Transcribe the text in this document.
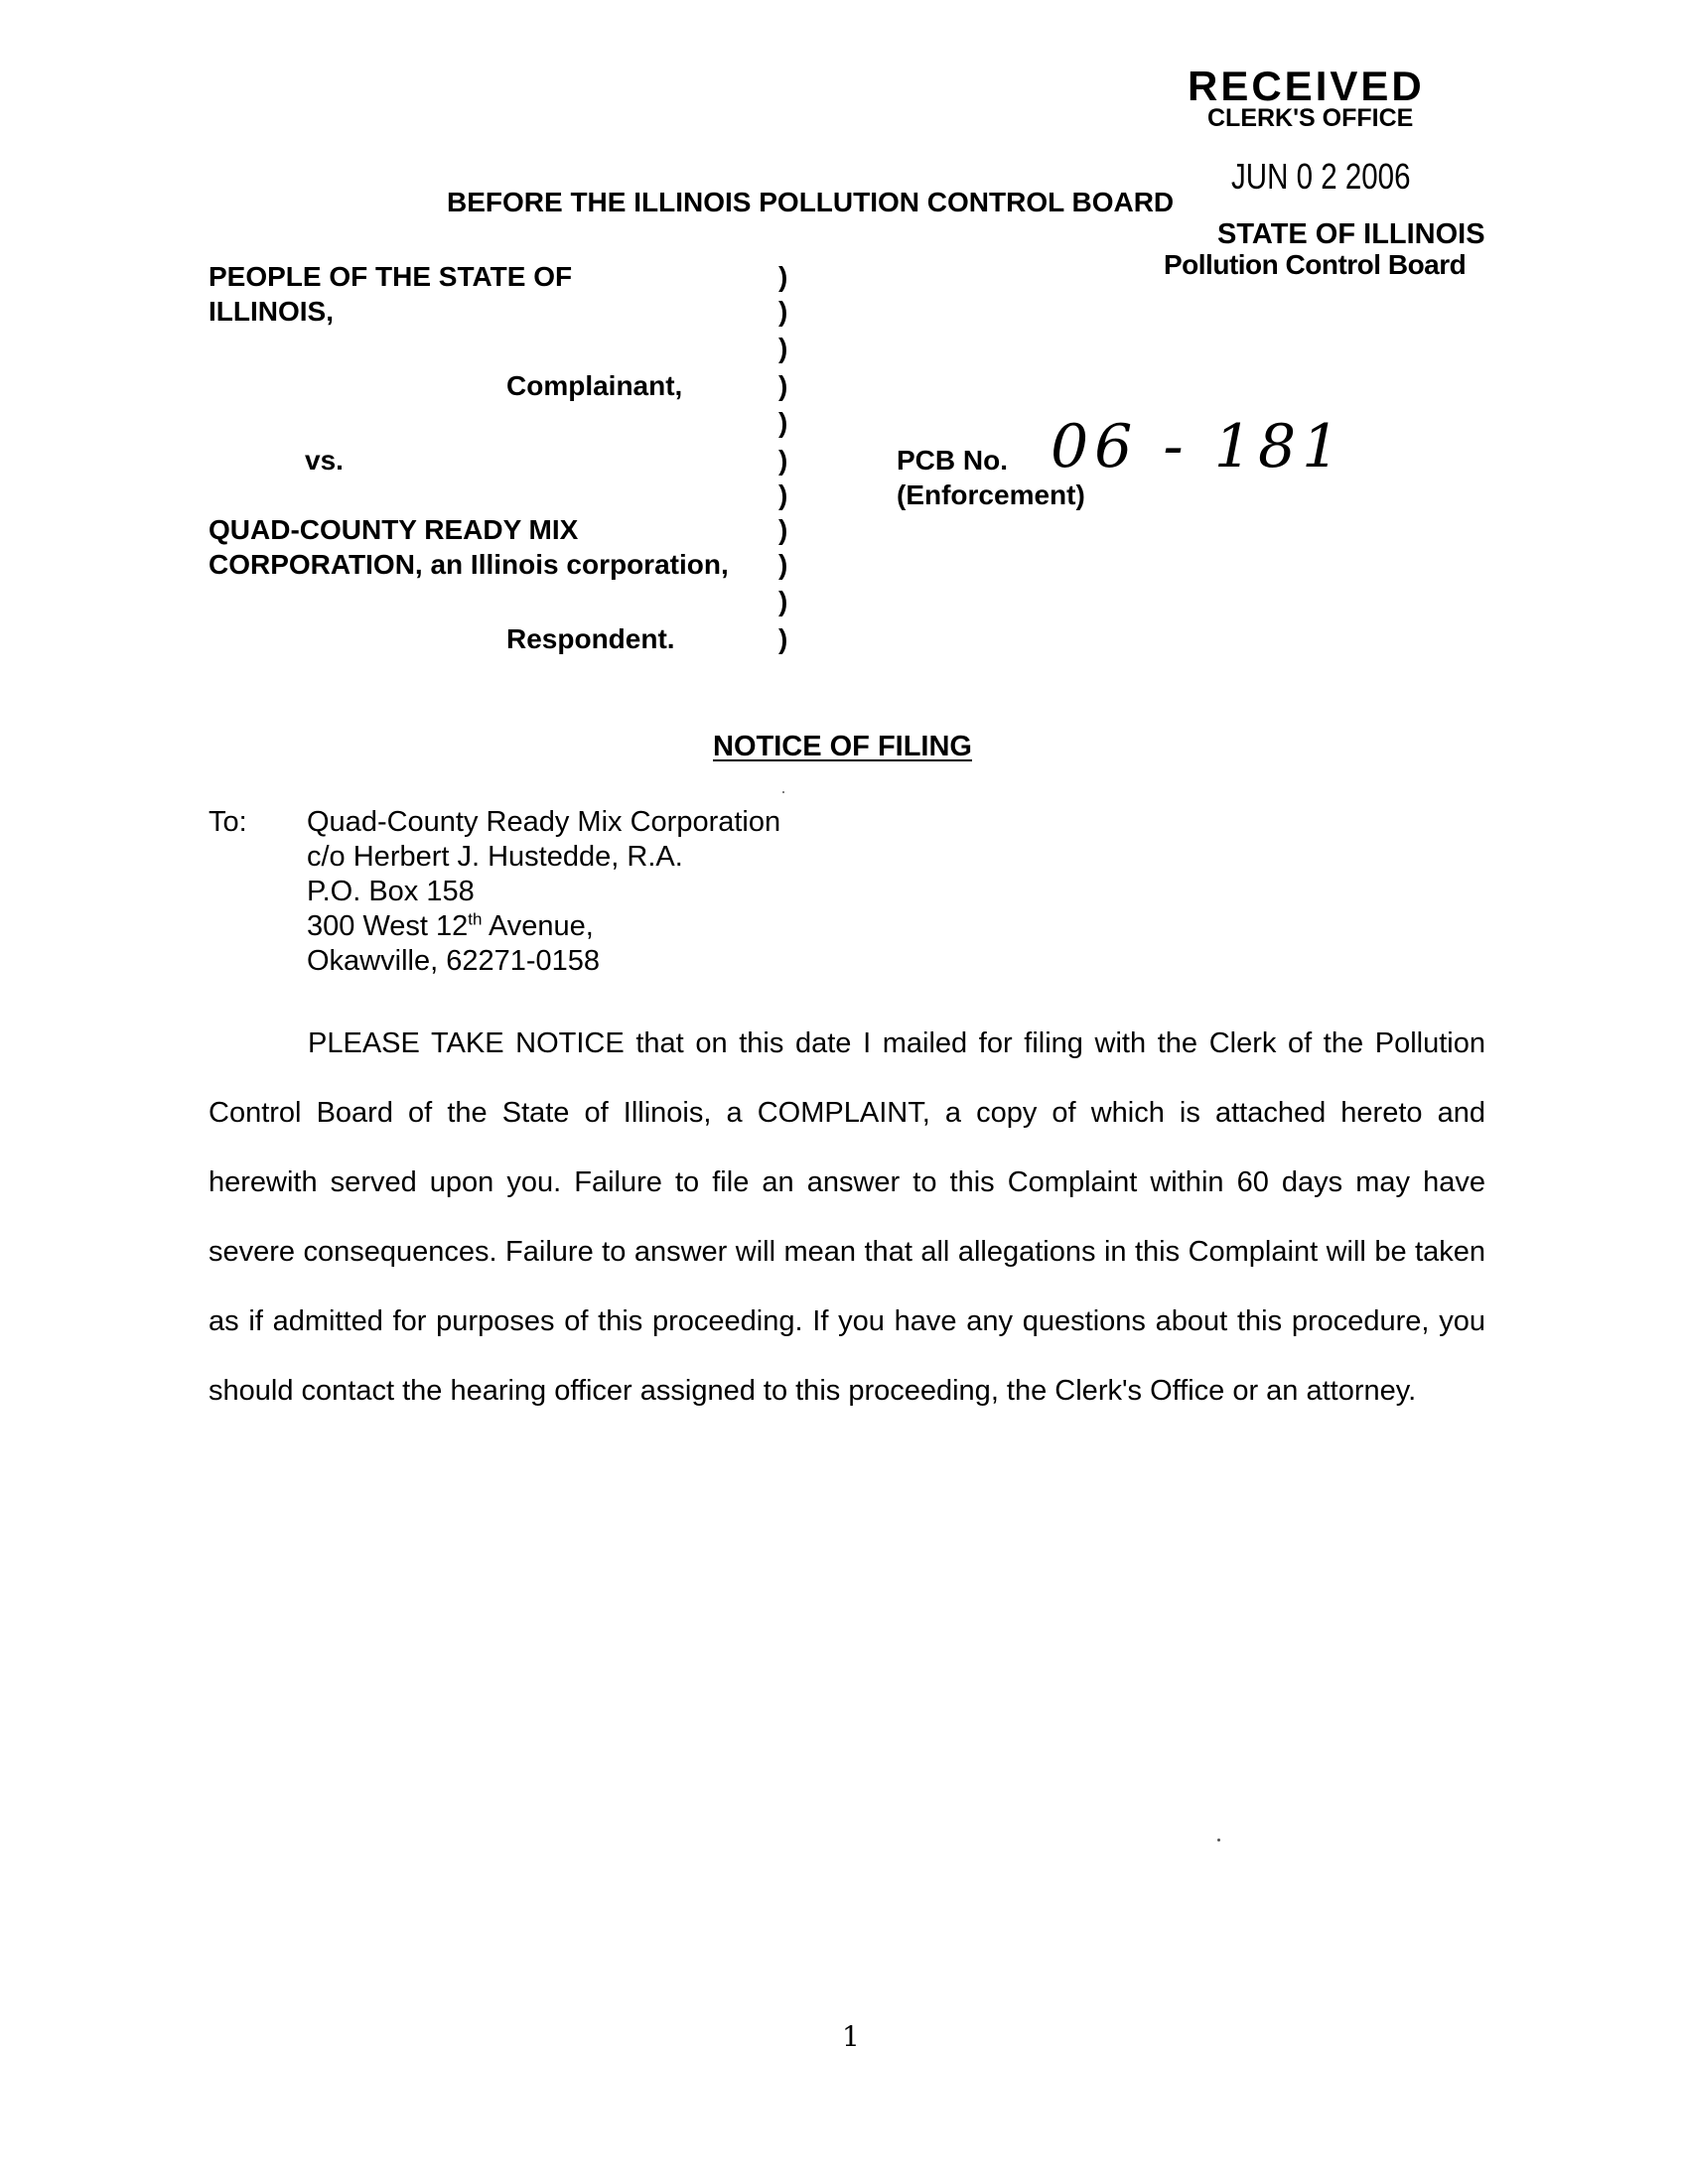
RECEIVED
CLERK'S OFFICE
JUN 0 2 2006
STATE OF ILLINOIS
Pollution Control Board
BEFORE THE ILLINOIS POLLUTION CONTROL BOARD
PEOPLE OF THE STATE OF
ILLINOIS,
Complainant,
vs.
QUAD-COUNTY READY MIX
CORPORATION, an Illinois corporation,
Respondent.
)
)
)
)
)
)
)
)
)
)
)
PCB No. 06 - 181
(Enforcement)
NOTICE OF FILING
To: Quad-County Ready Mix Corporation
c/o Herbert J. Hustedde, R.A.
P.O. Box 158
300 West 12th Avenue,
Okawville, 62271-0158
PLEASE TAKE NOTICE that on this date I mailed for filing with the Clerk of the Pollution Control Board of the State of Illinois, a COMPLAINT, a copy of which is attached hereto and herewith served upon you. Failure to file an answer to this Complaint within 60 days may have severe consequences. Failure to answer will mean that all allegations in this Complaint will be taken as if admitted for purposes of this proceeding. If you have any questions about this procedure, you should contact the hearing officer assigned to this proceeding, the Clerk's Office or an attorney.
1
